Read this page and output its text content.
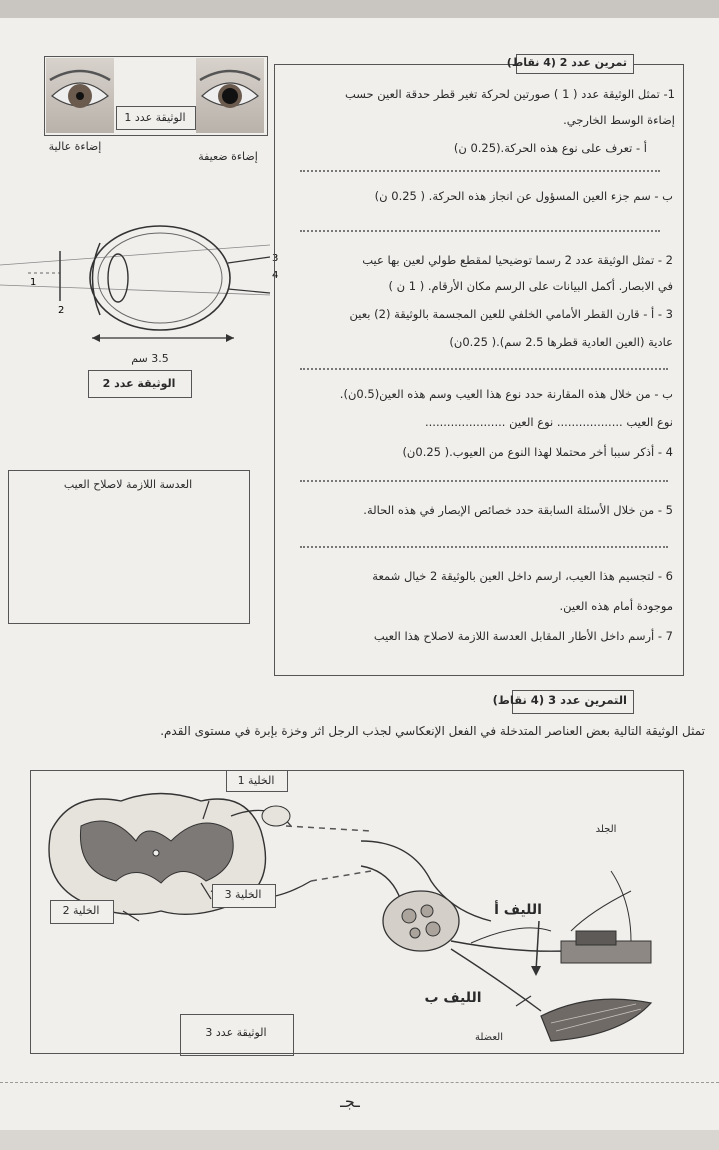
الوثيقة عدد 1
إضاءة عالية
إضاءة ضعيفة
2
3
4
1
3.5 سم
الوثيقة عدد 2
العدسة اللازمة لاصلاح العيب
تمرين عدد 2 (4 نقاط)
1- تمثل الوثيقة عدد ( 1 ) صورتين لحركة تغير قطر حدقة العين حسب
إضاءة الوسط الخارجي.
أ - تعرف على نوع هذه الحركة.(0.25 ن)
ب - سم جزء العين المسؤول عن انجاز هذه الحركة. ( 0.25 ن)
2 - تمثل الوثيقة عدد 2 رسما توضيحيا لمقطع طولي لعين بها عيب
في الابصار. أكمل البيانات على الرسم مكان الأرقام. ( 1 ن )
3 - أ - قارن القطر الأمامي الخلفي للعين المجسمة بالوثيقة (2) بعين
عادية (العين العادية قطرها 2.5 سم).( 0.25ن)
ب - من خلال هذه المقارنة حدد نوع هذا العيب وسم هذه العين(0.5ن).
نوع العيب .................. نوع العين ......................
4 - أذكر سببا أخر محتملا لهذا النوع من العيوب.( 0.25ن)
5 - من خلال الأسئلة السابقة حدد خصائص الإبصار في هذه الحالة.
6 - لتجسيم هذا العيب، ارسم داخل العين بالوثيقة 2 خيال شمعة
موجودة أمام هذه العين.
7 - أرسم داخل الأطار المقابل العدسة اللازمة لاصلاح هذا العيب
التمرين عدد 3 (4 نقاط)
تمثل الوثيقة التالية بعض العناصر المتدخلة في الفعل الإنعكاسي لجذب الرجل اثر وخزة بإبرة في مستوى القدم.
الخلية 1
الخلية 2
الخلية 3
الجلد
الليف أ
الليف ب
العضلة
الوثيقة عدد 3
ـجـ
